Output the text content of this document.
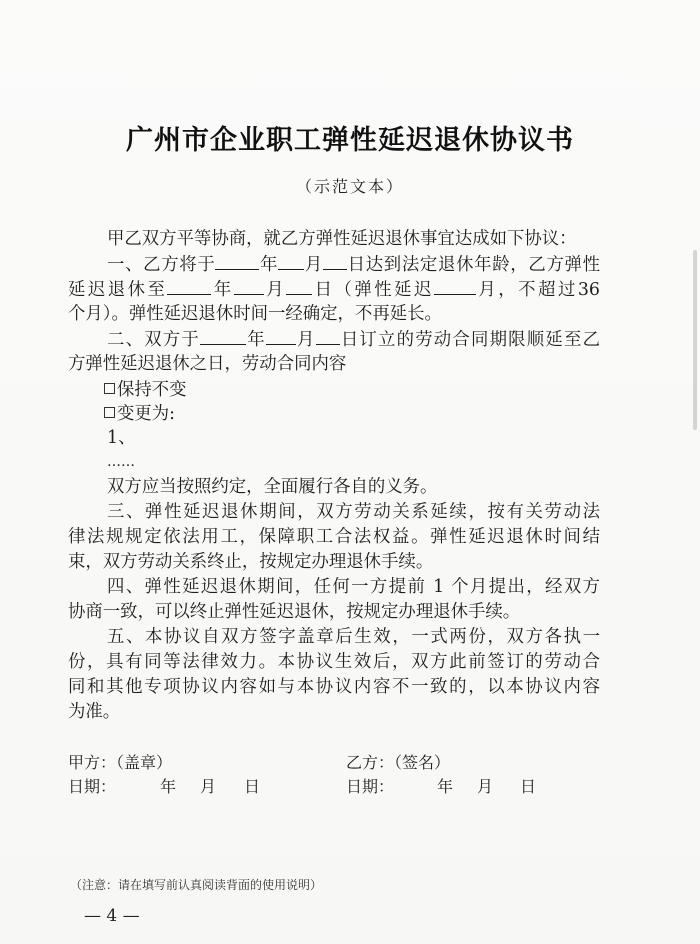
广州市企业职工弹性延迟退休协议书
（示范文本）
甲乙双方平等协商，就乙方弹性延迟退休事宜达成如下协议：
一、乙方将于	年 月 日达到法定退休年龄，乙方弹性
延迟退休至	年 月 日（弹性延迟 月，不超过36
个月）。弹性延迟退休时间一经确定，不再延长。
二、双方于	年 月 日订立的劳动合同期限顺延至乙
方弹性延迟退休之日，劳动合同内容
保持不变
变更为:
1、
……
双方应当按照约定，全面履行各自的义务。
三、弹性延迟退休期间，双方劳动关系延续，按有关劳动法
律法规规定依法用工，保障职工合法权益。弹性延迟退休时间结
束，双方劳动关系终止，按规定办理退休手续。
四、弹性延迟退休期间，任何一方提前 1 个月提出，经双方
协商一致，可以终止弹性延迟退休，按规定办理退休手续。
五、本协议自双方签字盖章后生效，一式两份，双方各执一
份，具有同等法律效力。本协议生效后，双方此前签订的劳动合
同和其他专项协议内容如与本协议内容不一致的，以本协议内容
为准。
甲方：（盖章）	乙方：（签名）
日期：	年 月 日	日期：	年 月 日
（注意：请在填写前认真阅读背面的使用说明）
— 4 —
